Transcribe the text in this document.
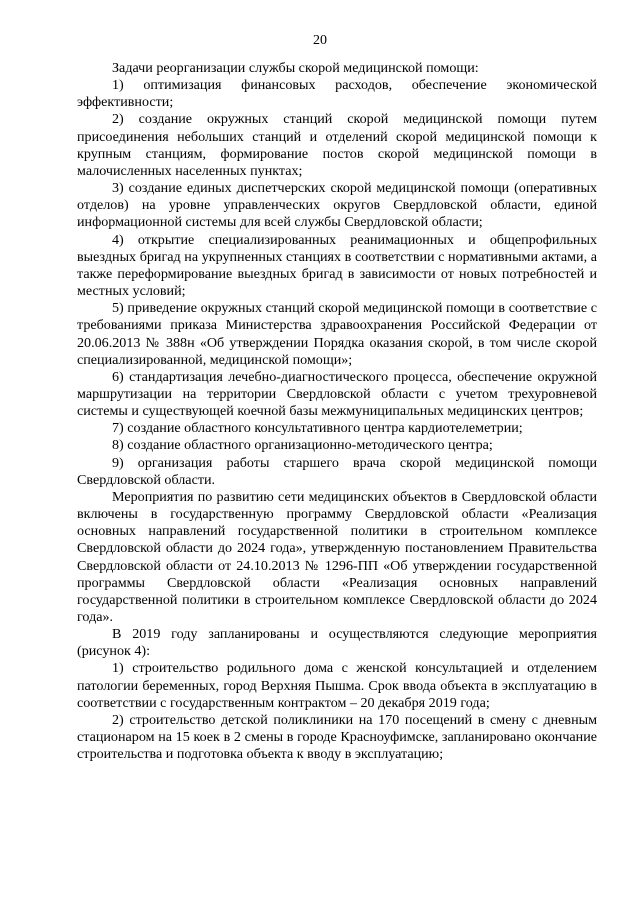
20

Задачи реорганизации службы скорой медицинской помощи:

1) оптимизация финансовых расходов, обеспечение экономической эффективности;

2) создание окружных станций скорой медицинской помощи путем присоединения небольших станций и отделений скорой медицинской помощи к крупным станциям, формирование постов скорой медицинской помощи в малочисленных населенных пунктах;

3) создание единых диспетчерских скорой медицинской помощи (оперативных отделов) на уровне управленческих округов Свердловской области, единой информационной системы для всей службы Свердловской области;

4) открытие специализированных реанимационных и общепрофильных выездных бригад на укрупненных станциях в соответствии с нормативными актами, а также переформирование выездных бригад в зависимости от новых потребностей и местных условий;

5) приведение окружных станций скорой медицинской помощи в соответствие с требованиями приказа Министерства здравоохранения Российской Федерации от 20.06.2013 № 388н «Об утверждении Порядка оказания скорой, в том числе скорой специализированной, медицинской помощи»;

6) стандартизация лечебно-диагностического процесса, обеспечение окружной маршрутизации на территории Свердловской области с учетом трехуровневой системы и существующей коечной базы межмуниципальных медицинских центров;

7) создание областного консультативного центра кардиотелеметрии;

8) создание областного организационно-методического центра;

9) организация работы старшего врача скорой медицинской помощи Свердловской области.

Мероприятия по развитию сети медицинских объектов в Свердловской области включены в государственную программу Свердловской области «Реализация основных направлений государственной политики в строительном комплексе Свердловской области до 2024 года», утвержденную постановлением Правительства Свердловской области от 24.10.2013 № 1296-ПП «Об утверждении государственной программы Свердловской области «Реализация основных направлений государственной политики в строительном комплексе Свердловской области до 2024 года».

В 2019 году запланированы и осуществляются следующие мероприятия (рисунок 4):

1) строительство родильного дома с женской консультацией и отделением патологии беременных, город Верхняя Пышма. Срок ввода объекта в эксплуатацию в соответствии с государственным контрактом – 20 декабря 2019 года;

2) строительство детской поликлиники на 170 посещений в смену с дневным стационаром на 15 коек в 2 смены в городе Красноуфимске, запланировано окончание строительства и подготовка объекта к вводу в эксплуатацию;
